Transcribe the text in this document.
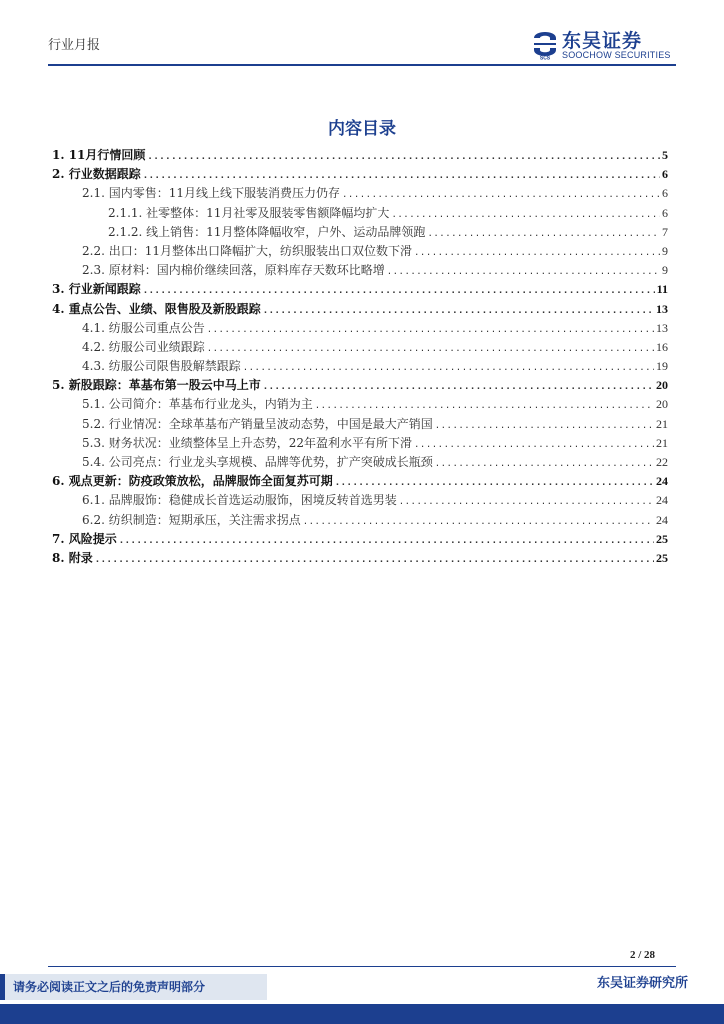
行业月报
SCS
东吴证券
SOOCHOW SECURITIES
内容目录
1. 11月行情回顾 .....	5
2. 行业数据跟踪 .....	6
2.1. 国内零售：11月线上线下服装消费压力仍存 .....	6
2.1.1. 社零整体：11月社零及服装零售额降幅均扩大 .....	6
2.1.2. 线上销售：11月整体降幅收窄，户外、运动品牌领跑 .....	7
2.2. 出口：11月整体出口降幅扩大，纺织服装出口双位数下滑 .....	9
2.3. 原材料：国内棉价继续回落，原料库存天数环比略增 .....	9
3. 行业新闻跟踪 .....	11
4. 重点公告、业绩、限售股及新股跟踪 .....	13
4.1. 纺服公司重点公告 .....	13
4.2. 纺服公司业绩跟踪 .....	16
4.3. 纺服公司限售股解禁跟踪 .....	19
5. 新股跟踪：革基布第一股云中马上市 .....	20
5.1. 公司简介：革基布行业龙头，内销为主 .....	20
5.2. 行业情况：全球革基布产销量呈波动态势，中国是最大产销国 .....	21
5.3. 财务状况：业绩整体呈上升态势，22年盈利水平有所下滑 .....	21
5.4. 公司亮点：行业龙头享规模、品牌等优势，扩产突破成长瓶颈 .....	22
6. 观点更新：防疫政策放松，品牌服饰全面复苏可期 .....	24
6.1. 品牌服饰：稳健成长首选运动服饰，困境反转首选男装 .....	24
6.2. 纺织制造：短期承压，关注需求拐点 .....	24
7. 风险提示 .....	25
8. 附录 .....	25
2 / 28
东吴证券研究所
请务必阅读正文之后的免责声明部分
